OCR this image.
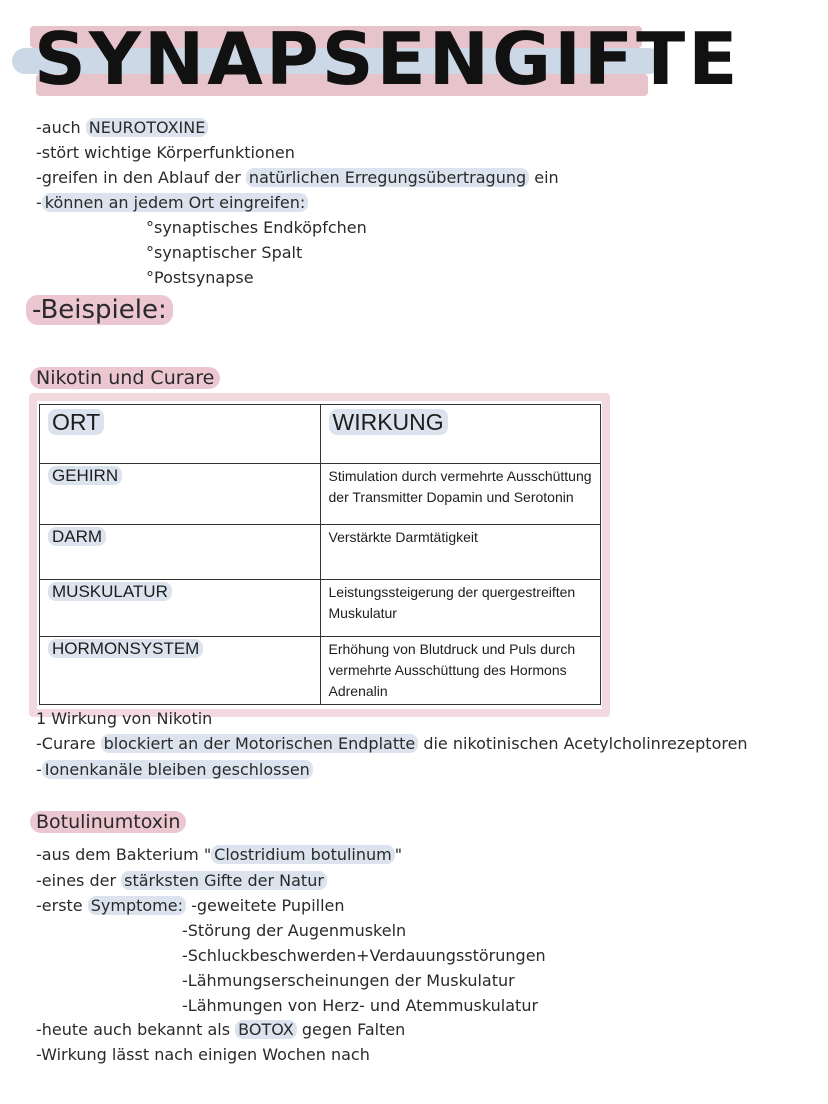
SYNAPSENGIFTE
-auch NEUROTOXINE
-stört wichtige Körperfunktionen
-greifen in den Ablauf der natürlichen Erregungsübertragung ein
- können an jedem Ort eingreifen:
°synaptisches Endköpfchen
°synaptischer Spalt
°Postsynapse
-Beispiele:
Nikotin und Curare
ORT	WIRKUNG
GEHIRN	Stimulation durch vermehrte Ausschüttung der Transmitter Dopamin und Serotonin
DARM	Verstärkte Darmtätigkeit
MUSKULATUR	Leistungssteigerung der quergestreiften Muskulatur
HORMONSYSTEM	Erhöhung von Blutdruck und Puls durch vermehrte Ausschüttung des Hormons Adrenalin
1 Wirkung von Nikotin
-Curare blockiert an der Motorischen Endplatte die nikotinischen Acetylcholinrezeptoren
- Ionenkanäle bleiben geschlossen
Botulinumtoxin
-aus dem Bakterium " Clostridium botulinum "
-eines der stärksten Gifte der Natur
-erste Symptome: -geweitete Pupillen
-Störung der Augenmuskeln
-Schluckbeschwerden+Verdauungsstörungen
-Lähmungserscheinungen der Muskulatur
-Lähmungen von Herz- und Atemmuskulatur
-heute auch bekannt als BOTOX gegen Falten
-Wirkung lässt nach einigen Wochen nach
